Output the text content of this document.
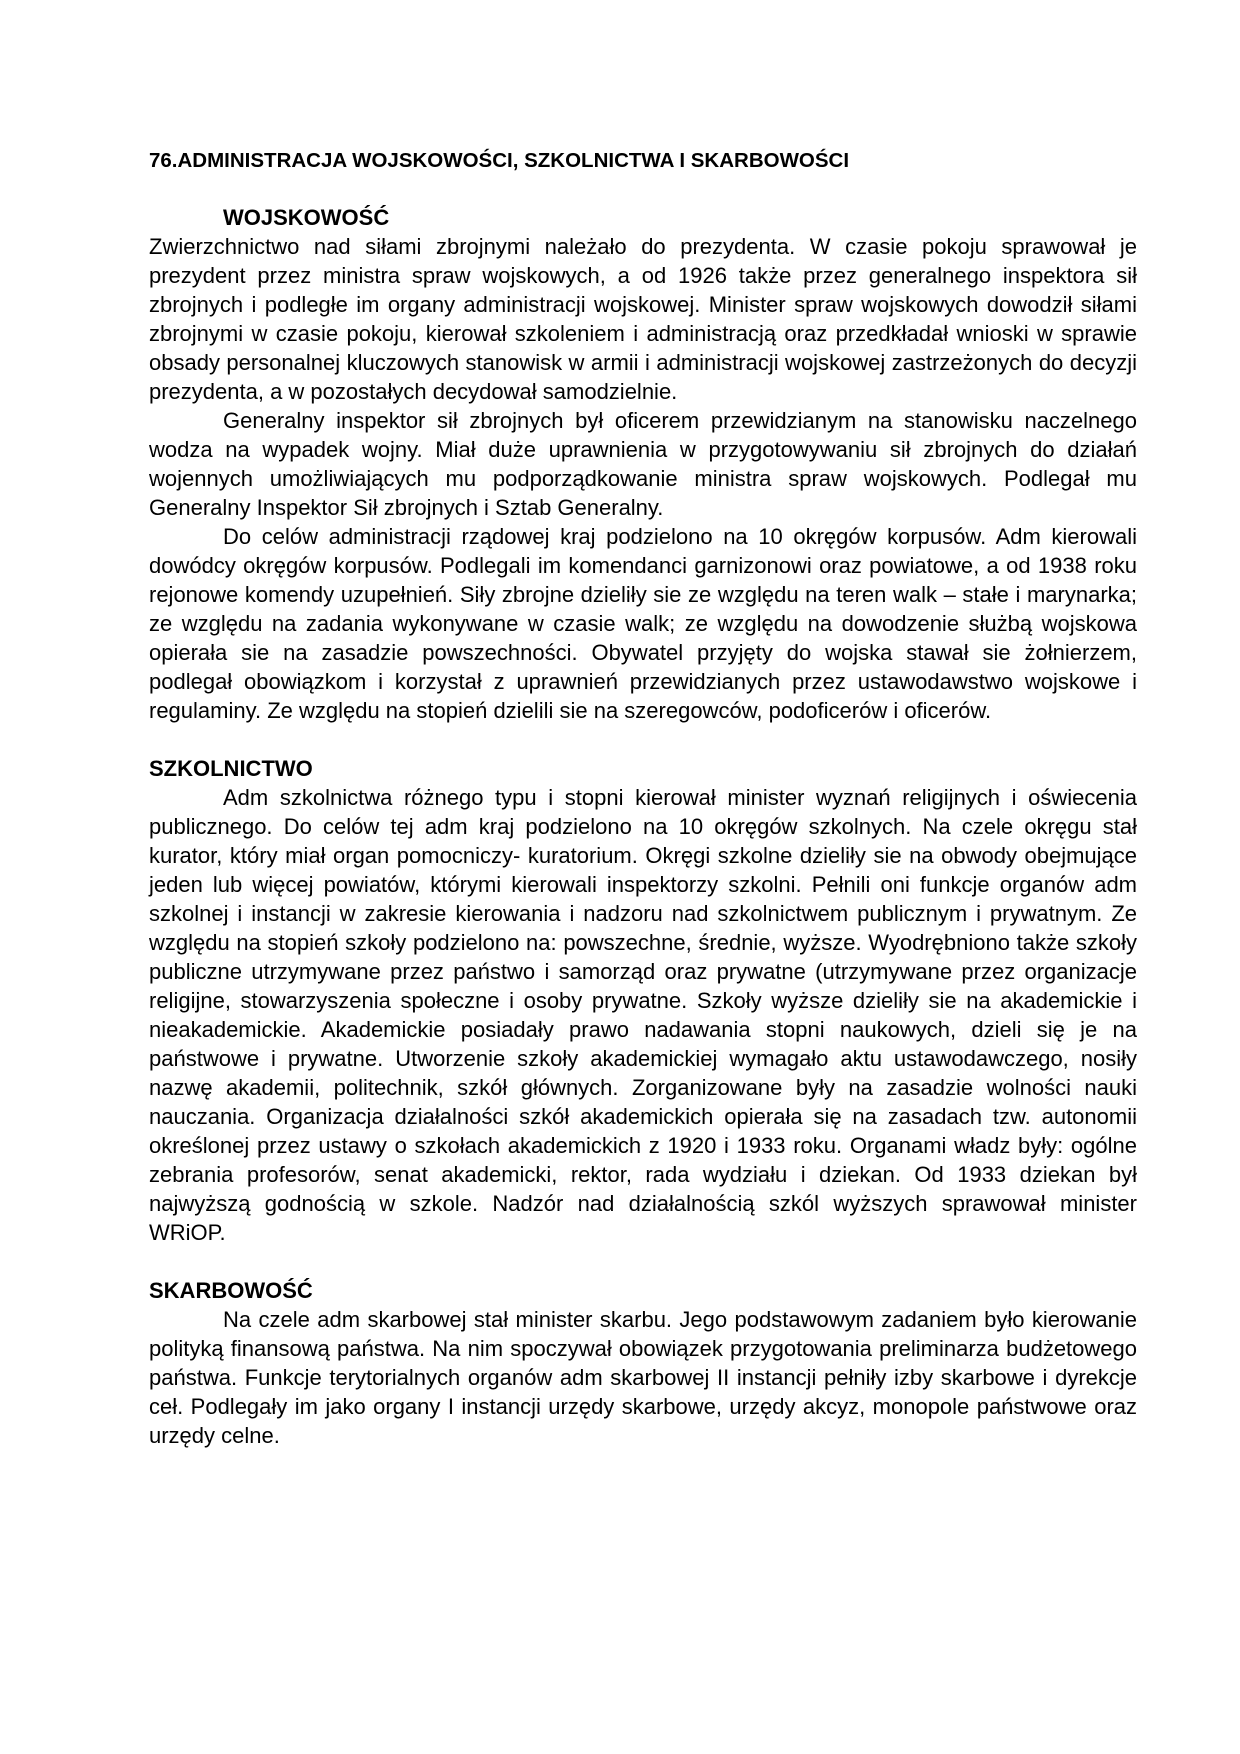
76.ADMINISTRACJA WOJSKOWOŚCI, SZKOLNICTWA I SKARBOWOŚCI
WOJSKOWOŚĆ

Zwierzchnictwo nad siłami zbrojnymi należało do prezydenta. W czasie pokoju sprawował je prezydent przez ministra spraw wojskowych, a od 1926 także przez generalnego inspektora sił zbrojnych i podległe im organy administracji wojskowej. Minister spraw wojskowych dowodził siłami zbrojnymi w czasie pokoju, kierował szkoleniem i administracją oraz przedkładał wnioski w sprawie obsady personalnej kluczowych stanowisk w armii i administracji wojskowej zastrzeżonych do decyzji prezydenta, a w pozostałych decydował samodzielnie.

Generalny inspektor sił zbrojnych był oficerem przewidzianym na stanowisku naczelnego wodza na wypadek wojny. Miał duże uprawnienia w przygotowywaniu sił zbrojnych do działań wojennych umożliwiających mu podporządkowanie ministra spraw wojskowych. Podlegał mu Generalny Inspektor Sił zbrojnych i Sztab Generalny.

Do celów administracji rządowej kraj podzielono na 10 okręgów korpusów. Adm kierowali dowódcy okręgów korpusów. Podlegali im komendanci garnizonowi oraz powiatowe, a od 1938 roku rejonowe komendy uzupełnień. Siły zbrojne dzieliły sie ze względu na teren walk – stałe i marynarka; ze względu na zadania wykonywane w czasie walk; ze względu na dowodzenie służbą wojskowa opierała sie na zasadzie powszechności. Obywatel przyjęty do wojska stawał sie żołnierzem, podlegał obowiązkom i korzystał z uprawnień przewidzianych przez ustawodawstwo wojskowe i regulaminy. Ze względu na stopień dzielili sie na szeregowców, podoficerów i oficerów.

SZKOLNICTWO

Adm szkolnictwa różnego typu i stopni kierował minister wyznań religijnych i oświecenia publicznego. Do celów tej adm kraj podzielono na 10 okręgów szkolnych. Na czele okręgu stał kurator, który miał organ pomocniczy- kuratorium. Okręgi szkolne dzieliły sie na obwody obejmujące jeden lub więcej powiatów, którymi kierowali inspektorzy szkolni. Pełnili oni funkcje organów adm szkolnej i instancji w zakresie kierowania i nadzoru nad szkolnictwem publicznym i prywatnym. Ze względu na stopień szkoły podzielono na: powszechne, średnie, wyższe. Wyodrębniono także szkoły publiczne utrzymywane przez państwo i samorząd oraz prywatne (utrzymywane przez organizacje religijne, stowarzyszenia społeczne i osoby prywatne. Szkoły wyższe dzieliły sie na akademickie i nieakademickie. Akademickie posiadały prawo nadawania stopni naukowych, dzieli się je na państwowe i prywatne. Utworzenie szkoły akademickiej wymagało aktu ustawodawczego, nosiły nazwę akademii, politechnik, szkół głównych. Zorganizowane były na zasadzie wolności nauki nauczania. Organizacja działalności szkół akademickich opierała się na zasadach tzw. autonomii określonej przez ustawy o szkołach akademickich z 1920 i 1933 roku. Organami władz były: ogólne zebrania profesorów, senat akademicki, rektor, rada wydziału i dziekan. Od 1933 dziekan był najwyższą godnością w szkole. Nadzór nad działalnością szkól wyższych sprawował minister WRiOP.

SKARBOWOŚĆ

Na czele adm skarbowej stał minister skarbu. Jego podstawowym zadaniem było kierowanie polityką finansową państwa. Na nim spoczywał obowiązek przygotowania preliminarza budżetowego państwa. Funkcje terytorialnych organów adm skarbowej II instancji pełniły izby skarbowe i dyrekcje ceł. Podlegały im jako organy I instancji urzędy skarbowe, urzędy akcyz, monopole państwowe oraz urzędy celne.
